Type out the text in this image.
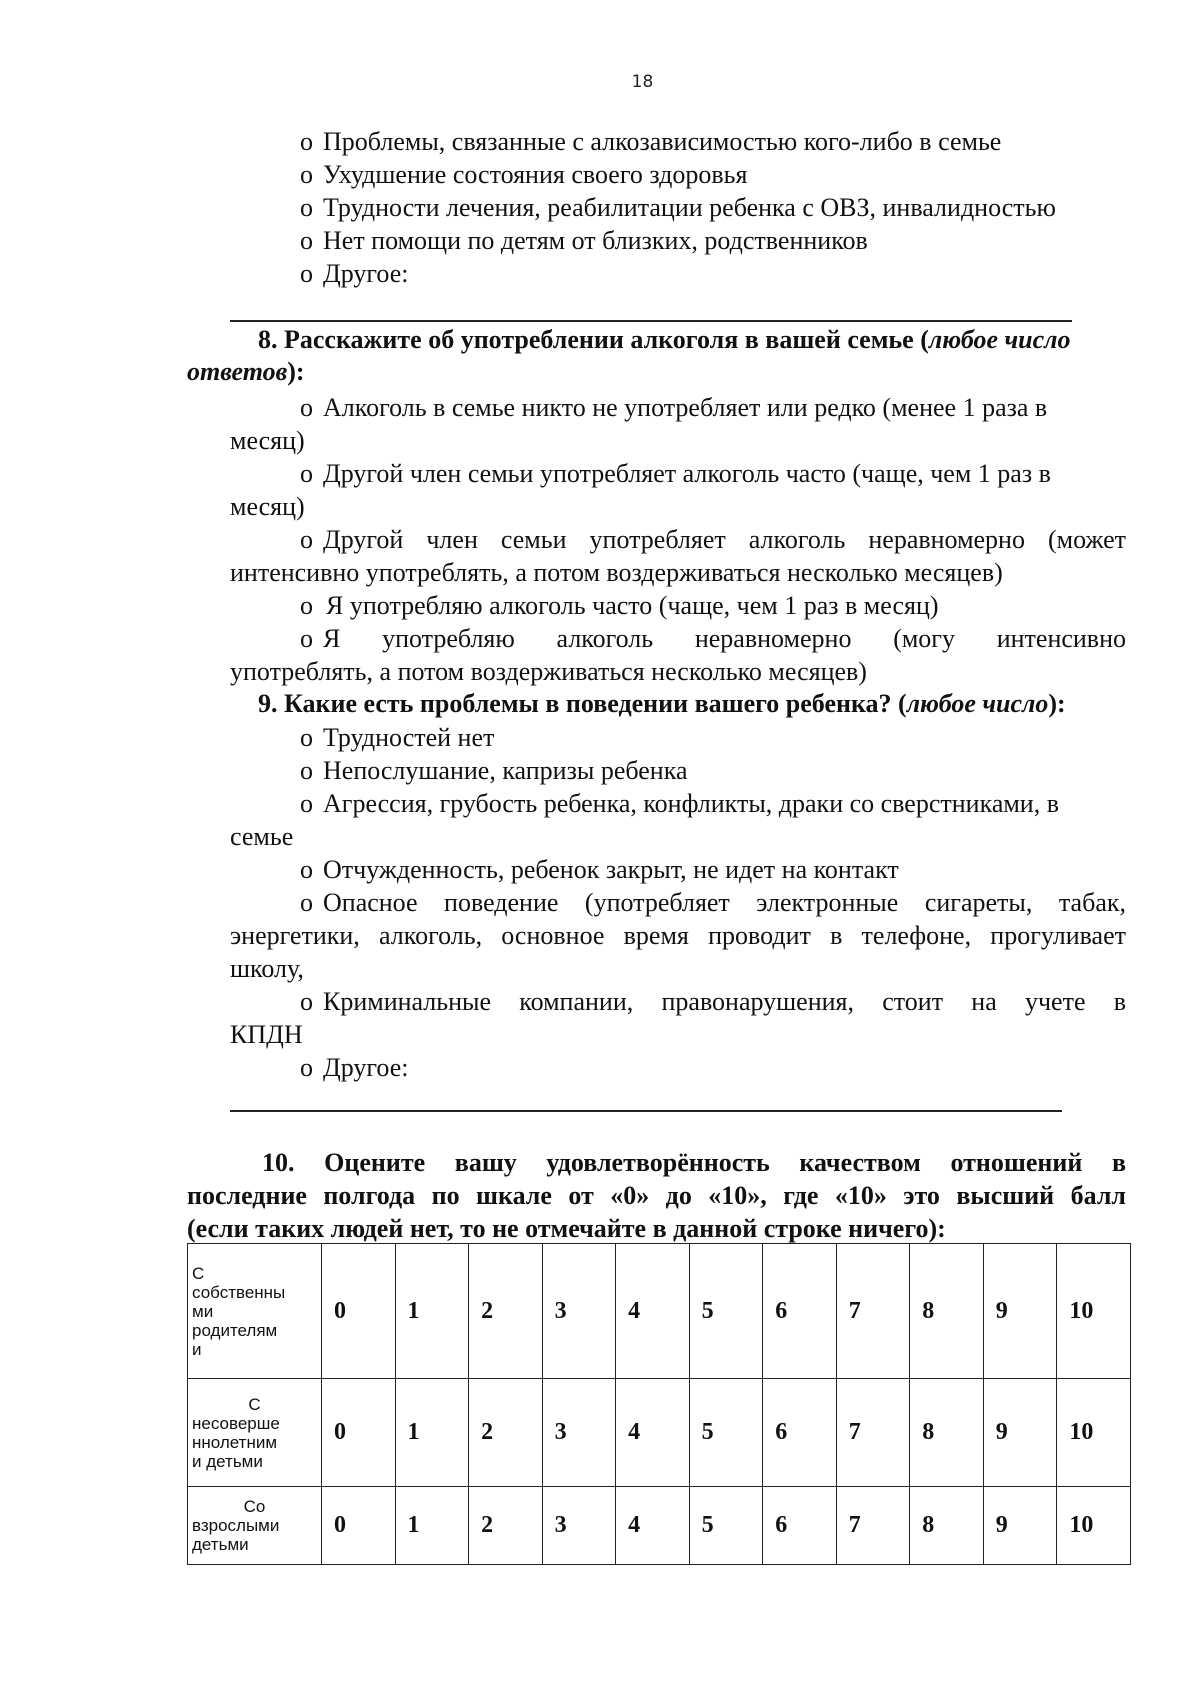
18
o Проблемы, связанные с алкозависимостью кого-либо в семье
o Ухудшение состояния своего здоровья
o Трудности лечения, реабилитации ребенка с ОВЗ, инвалидностью
o Нет помощи по детям от близких, родственников
o Другое:
8. Расскажите об употреблении алкоголя в вашей семье (любое число
ответов):
o Алкоголь в семье никто не употребляет или редко (менее 1 раза в
месяц)
o Другой член семьи употребляет алкоголь часто (чаще, чем 1 раз в
месяц)
o Другой член семьи употребляет алкоголь неравномерно (может
интенсивно употреблять, а потом воздерживаться несколько месяцев)
o  Я употребляю алкоголь часто (чаще, чем 1 раз в месяц)
o Я употребляю алкоголь неравномерно (могу интенсивно
употреблять, а потом воздерживаться несколько месяцев)
9. Какие есть проблемы в поведении вашего ребенка? (любое число):
o Трудностей нет
o Непослушание, капризы ребенка
o Агрессия, грубость ребенка, конфликты, драки со сверстниками, в
семье
o Отчужденность, ребенок закрыт, не идет на контакт
o Опасное поведение (употребляет электронные сигареты, табак,
энергетики, алкоголь, основное время проводит в телефоне, прогуливает
школу,
o Криминальные компании, правонарушения, стоит на учете в
КПДН
o Другое:
10. Оцените вашу удовлетворённость качеством отношений в
последние полгода по шкале от «0» до «10», где «10» это высший балл
(если таких людей нет, то не отмечайте в данной строке ничего):
С
собственны
ми
родителям
и	0	1	2	3	4	5	6	7	8	9	10

С
несоверше
ннолетним
и детьми	0	1	2	3	4	5	6	7	8	9	10

Со
взрослыми
детьми	0	1	2	3	4	5	6	7	8	9	10
